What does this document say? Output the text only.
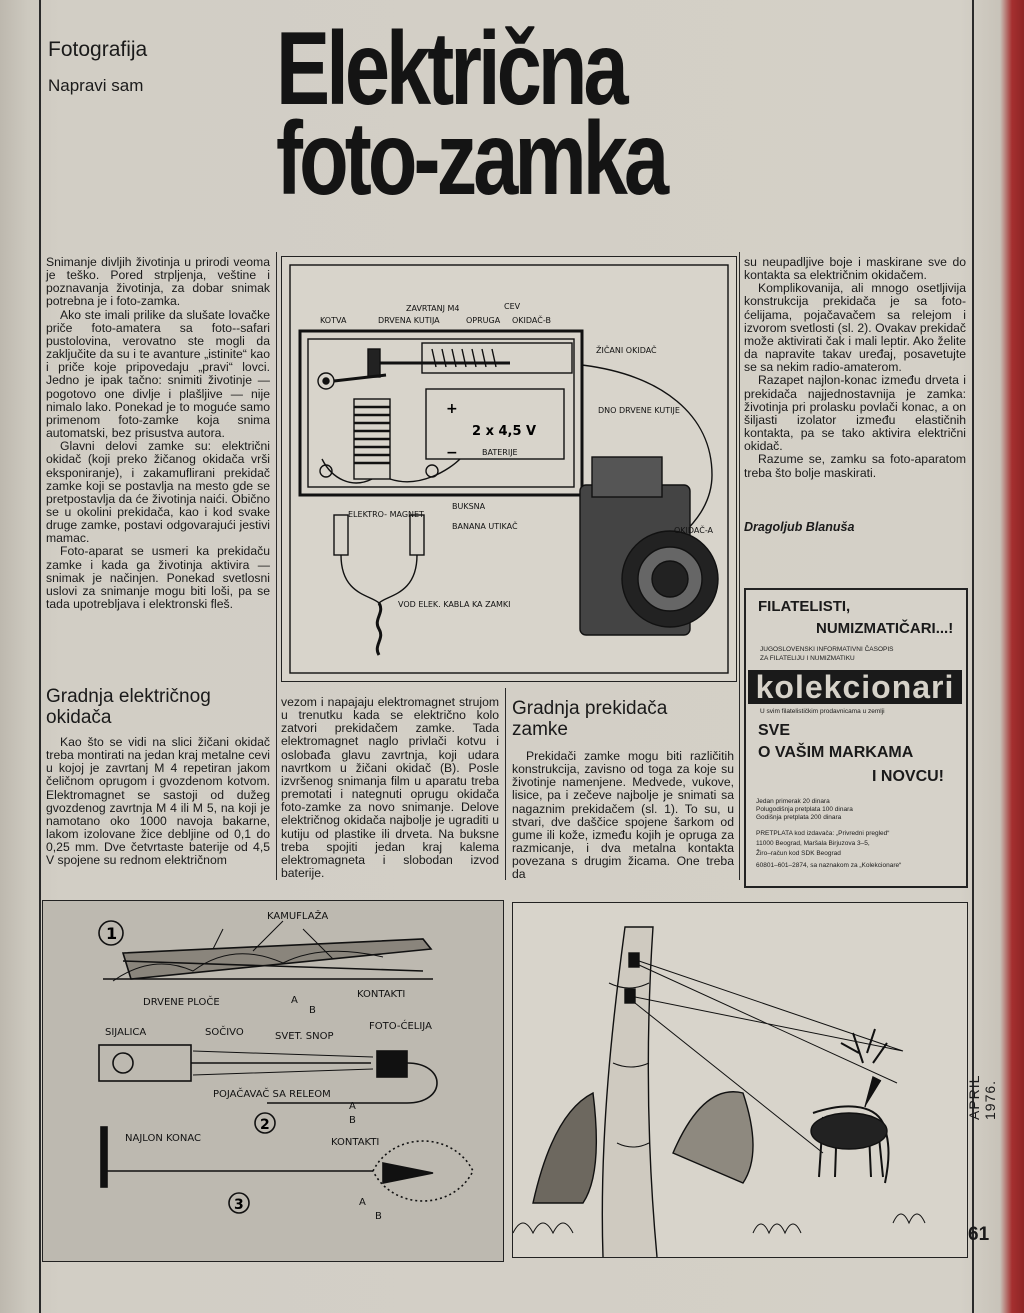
Fotografija
Napravi sam Električna
foto-zamka

Snimanje divljih životinja u prirodi veoma je teško. Pored strpljenja, veštine i poznavanja životinja, za dobar snimak potrebna je i foto-zamka.

Ako ste imali prilike da slušate lovačke priče foto-amatera sa foto--safari pustolovina, verovatno ste mogli da zaključite da su i te avanture „istinite“ kao i priče koje pripovedaju „pravi“ lovci. Jedno je ipak tačno: snimiti životinje — pogotovo one divlje i plašljive — nije nimalo lako. Ponekad je to moguće samo primenom foto-zamke koja snima automatski, bez prisustva autora.

Glavni delovi zamke su: električni okidač (koji preko žičanog okidača vrši eksponiranje), i zakamuflirani prekidač zamke koji se postavlja na mesto gde se pretpostavlja da će životinja naići. Obično se u okolini prekidača, kao i kod svake druge zamke, postavi odgovarajući jestivi mamac.

Foto-aparat se usmeri ka prekidaču zamke i kada ga životinja aktivira — snimak je načinjen. Ponekad svetlosni uslovi za snimanje mogu biti loši, pa se tada upotrebljava i elektronski fleš.

Gradnja električnog okidača

Kao što se vidi na slici žičani okidač treba montirati na jedan kraj metalne cevi u kojoj je zavrtanj M 4 repetiran jakom čeličnom oprugom i gvozdenom kotvom. Elektromagnet se sastoji od dužeg gvozdenog zavrtnja M 4 ili M 5, na koji je namotano oko 1000 navoja bakarne, lakom izolovane žice debljine od 0,1 do 0,25 mm. Dve četvrtaste baterije od 4,5 V spojene su rednom električnom

KOTVA
ZAVRTANJ M4
DRVENA KUTIJA	OPRUGA
CEV
OKIDAČ-B
ŽIČANI OKIDAČ
DNO DRVENE KUTIJE
2 x 4,5 V
BATERIJE
+
−
ELEKTRO- MAGNET
BUKSNA
BANANA UTIKAČ	OKIDAČ-A
VOD ELEK. KABLA KA ZAMKI

vezom i napajaju elektromagnet strujom u trenutku kada se električno kolo zatvori prekidačem zamke. Tada elektromagnet naglo privlači kotvu i oslobađa glavu zavrtnja, koji udara navrtkom u žičani okidač (B). Posle izvršenog snimanja film u aparatu treba premotati i nategnuti oprugu okidača foto-zamke za novo snimanje. Delove električnog okidača najbolje je ugraditi u kutiju od plastike ili drveta. Na buksne treba spojiti jedan kraj kalema elektromagneta i slobodan izvod baterije.

Gradnja prekidača zamke

Prekidači zamke mogu biti različitih konstrukcija, zavisno od toga za koje su životinje namenjene. Medvede, vukove, lisice, pa i zečeve najbolje je snimati sa nagaznim prekidačem (sl. 1). To su, u stvari, dve daščice spojene šarkom od gume ili kože, između kojih je opruga za razmicanje, i dva metalna kontakta povezana s drugim žicama. One treba da

su neupadljive boje i maskirane sve do kontakta sa električnim okidačem.

Komplikovanija, ali mnogo osetljivija konstrukcija prekidača je sa foto-ćelijama, pojačavačem sa relejom i izvorom svetlosti (sl. 2). Ovakav prekidač može aktivirati čak i mali leptir. Ako želite da napravite takav uređaj, posavetujte se sa nekim radio-amaterom.

Razapet najlon-konac između drveta i prekidača najjednostavnija je zamka: životinja pri prolasku povlači konac, a on šiljasti izolator između elastičnih kontakta, pa se tako aktivira električni okidač.

Razume se, zamku sa foto-aparatom treba što bolje maskirati.

Dragoljub Blanuša
FILATELISTI,
NUMIZMATIČARI...!
JUGOSLOVENSKI INFORMATIVNI ČASOPIS
ZA FILATELIJU I NUMIZMATIKU
kolekcionari
U svim filatelističkim prodavnicama u zemlji
SVE
O VAŠIM MARKAMA
I NOVCU!
Jedan primerak 20 dinara
Polugodišnja pretplata 100 dinara
Godišnja pretplata 200 dinara
PRETPLATA kod izdavača: „Privredni pregled“
11000 Beograd, Maršala Birjuzova 3–5,
Žiro–račun kod SDK Beograd
60801–601–2874, sa naznakom za „Kolekcionare“
1
KAMUFLAŽA
DRVENE PLOČE	A
B
KONTAKTI
SIJALICA	SOČIVO	SVET. SNOP
FOTO-ĆELIJA
POJAČAVAČ SA RELEOM
A
B
2
NAJLON KONAC	KONTAKTI
3	A
B
APRIL 1976.
61
